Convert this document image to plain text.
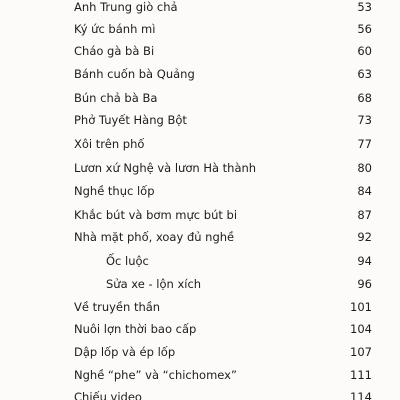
Anh Trung giò chả	53
Ký ức bánh mì	56
Cháo gà bà Bi	60
Bánh cuốn bà Quảng	63
Bún chả bà Ba	68
Phở Tuyết Hàng Bột	73
Xôi trên phố	77
Lươn xứ Nghệ và lươn Hà thành	80
Nghề thục lốp	84
Khắc bút và bơm mực bút bi	87
Nhà mặt phố, xoay đủ nghề	92
Ốc luộc	94
Sửa xe - lộn xích	96
Về truyền thần	101
Nuôi lợn thời bao cấp	104
Dập lốp và ép lốp	107
Nghề “phe” và “chichomex”	111
Chiếu video	114
